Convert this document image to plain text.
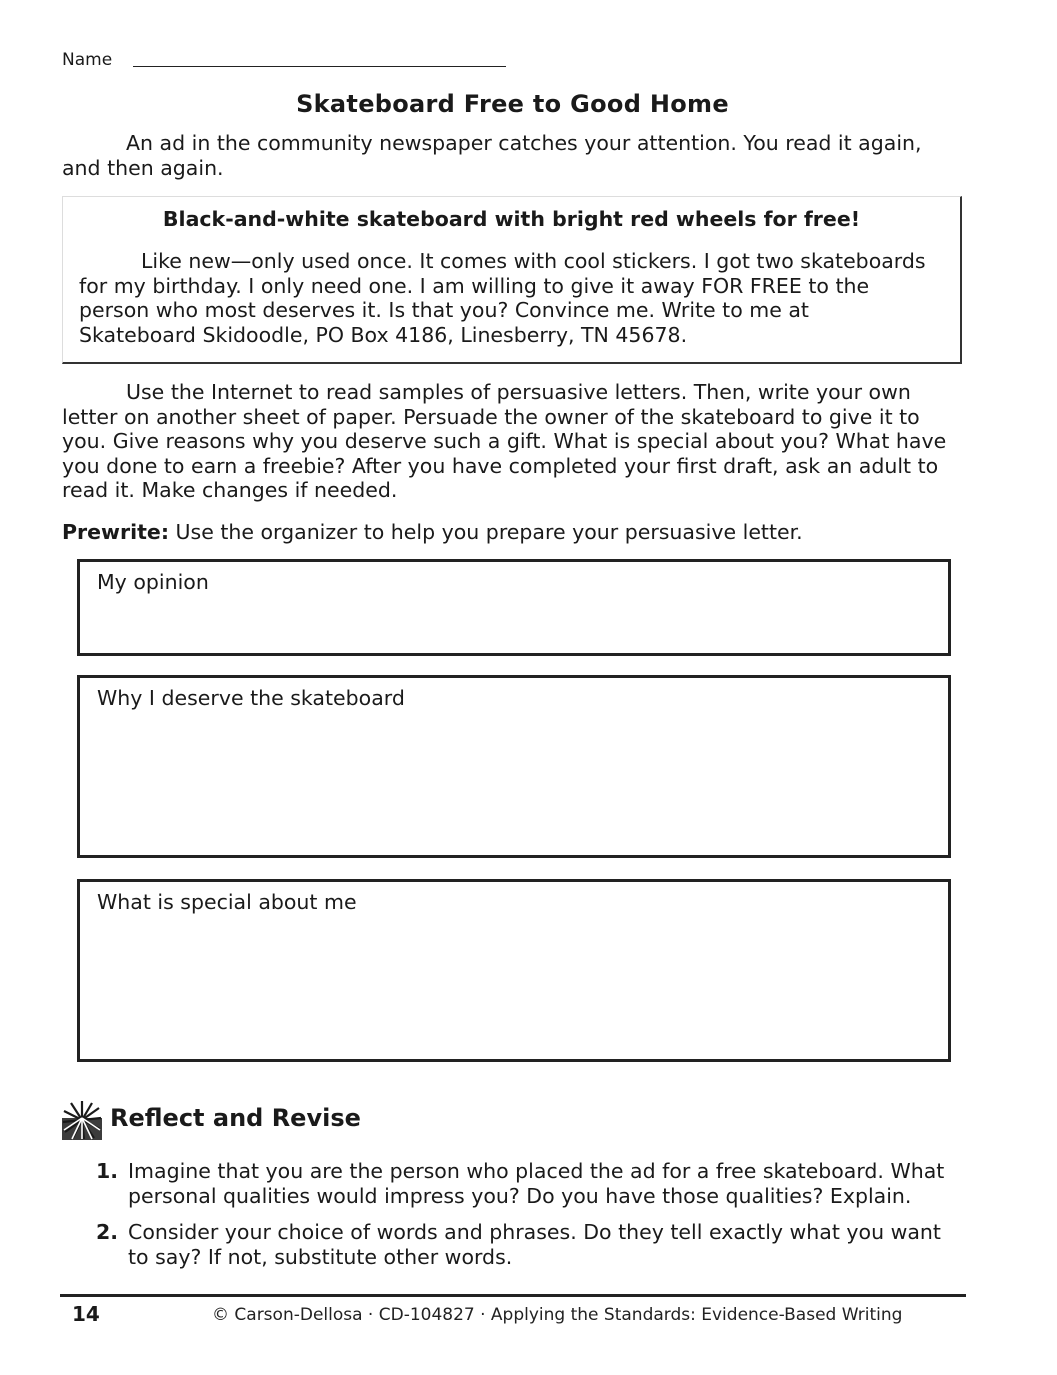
Name
Skateboard Free to Good Home
An ad in the community newspaper catches your attention. You read it again, and then again.
Black-and-white skateboard with bright red wheels for free!
Like new—only used once. It comes with cool stickers. I got two skateboards for my birthday. I only need one. I am willing to give it away FOR FREE to the person who most deserves it. Is that you? Convince me. Write to me at Skateboard Skidoodle, PO Box 4186, Linesberry, TN 45678.
Use the Internet to read samples of persuasive letters. Then, write your own letter on another sheet of paper. Persuade the owner of the skateboard to give it to you. Give reasons why you deserve such a gift. What is special about you? What have you done to earn a freebie? After you have completed your first draft, ask an adult to read it. Make changes if needed.
Prewrite: Use the organizer to help you prepare your persuasive letter.
My opinion
Why I deserve the skateboard
What is special about me
Reflect and Revise
1. Imagine that you are the person who placed the ad for a free skateboard. What personal qualities would impress you? Do you have those qualities? Explain.
2. Consider your choice of words and phrases. Do they tell exactly what you want to say? If not, substitute other words.
14	© Carson-Dellosa · CD-104827 · Applying the Standards: Evidence-Based Writing
